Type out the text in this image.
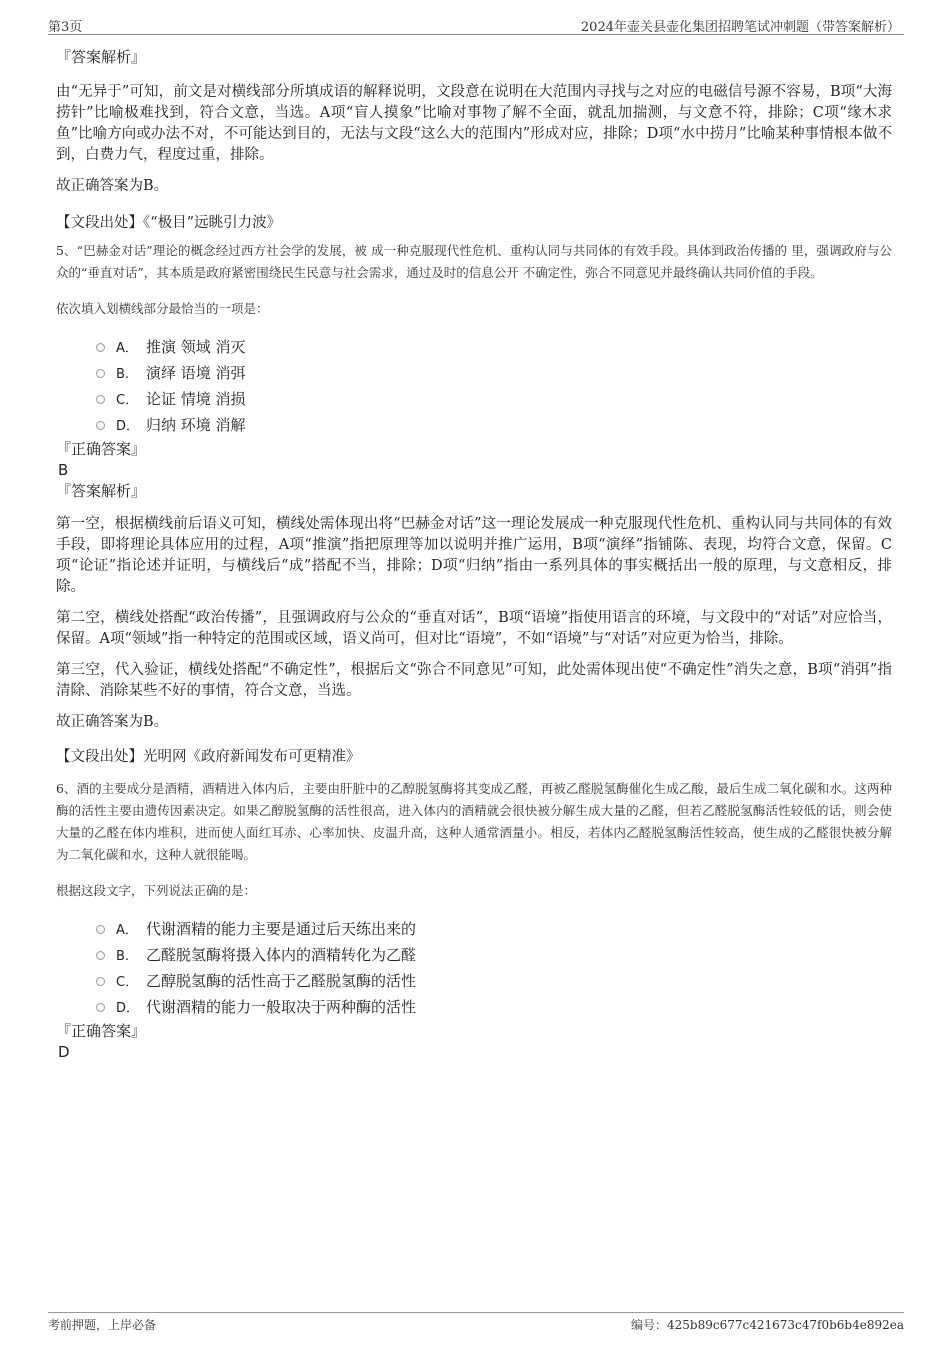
第3页	2024年壶关县壶化集团招聘笔试冲刺题（带答案解析）

『答案解析』

由“无异于”可知，前文是对横线部分所填成语的解释说明，文段意在说明在大范围内寻找与之对应的电磁信号源不容易，B项“大海捞针”比喻极难找到，符合文意，当选。A项“盲人摸象”比喻对事物了解不全面，就乱加揣测，与文意不符，排除；C项“缘木求鱼”比喻方向或办法不对，不可能达到目的，无法与文段“这么大的范围内”形成对应，排除；D项“水中捞月”比喻某种事情根本做不到，白费力气，程度过重，排除。

故正确答案为B。

【文段出处】《“极目”远眺引力波》

5、“巴赫金对话”理论的概念经过西方社会学的发展，被 成一种克服现代性危机、重构认同与共同体的有效手段。具体到政治传播的 里，强调政府与公众的“垂直对话”，其本质是政府紧密围绕民生民意与社会需求，通过及时的信息公开 不确定性，弥合不同意见并最终确认共同价值的手段。

依次填入划横线部分最恰当的一项是：

A． 推演 领域 消灭
B. 演绎 语境 消弭
C． 论证 情境 消损
D． 归纳 环境 消解

『正确答案』

B

『答案解析』

第一空，根据横线前后语义可知，横线处需体现出将“巴赫金对话”这一理论发展成一种克服现代性危机、重构认同与共同体的有效手段，即将理论具体应用的过程，A项“推演”指把原理等加以说明并推广运用，B项“演绎”指铺陈、表现，均符合文意，保留。C项“论证”指论述并证明，与横线后“成”搭配不当，排除；D项“归纳”指由一系列具体的事实概括出一般的原理，与文意相反，排除。

第二空，横线处搭配“政治传播”，且强调政府与公众的“垂直对话”，B项“语境”指使用语言的环境，与文段中的“对话”对应恰当，保留。A项“领域”指一种特定的范围或区域，语义尚可，但对比“语境”，不如“语境”与“对话”对应更为恰当，排除。

第三空，代入验证，横线处搭配“不确定性”，根据后文“弥合不同意见”可知，此处需体现出使“不确定性”消失之意，B项“消弭”指清除、消除某些不好的事情，符合文意，当选。

故正确答案为B。

【文段出处】光明网《政府新闻发布可更精准》

6、酒的主要成分是酒精，酒精进入体内后，主要由肝脏中的乙醇脱氢酶将其变成乙醛，再被乙醛脱氢酶催化生成乙酸，最后生成二氧化碳和水。这两种酶的活性主要由遗传因素决定。如果乙醇脱氢酶的活性很高，进入体内的酒精就会很快被分解生成大量的乙醛，但若乙醛脱氢酶活性较低的话，则会使大量的乙醛在体内堆积，进而使人面红耳赤、心率加快、皮温升高，这种人通常酒量小。相反，若体内乙醛脱氢酶活性较高，使生成的乙醛很快被分解为二氧化碳和水，这种人就很能喝。

根据这段文字，下列说法正确的是：

A． 代谢酒精的能力主要是通过后天练出来的
B. 乙醛脱氢酶将摄入体内的酒精转化为乙醛
C． 乙醇脱氢酶的活性高于乙醛脱氢酶的活性
D． 代谢酒精的能力一般取决于两种酶的活性

『正确答案』

D

考前押题，上岸必备	编号：425b89c677c421673c47f0b6b4e892ea
